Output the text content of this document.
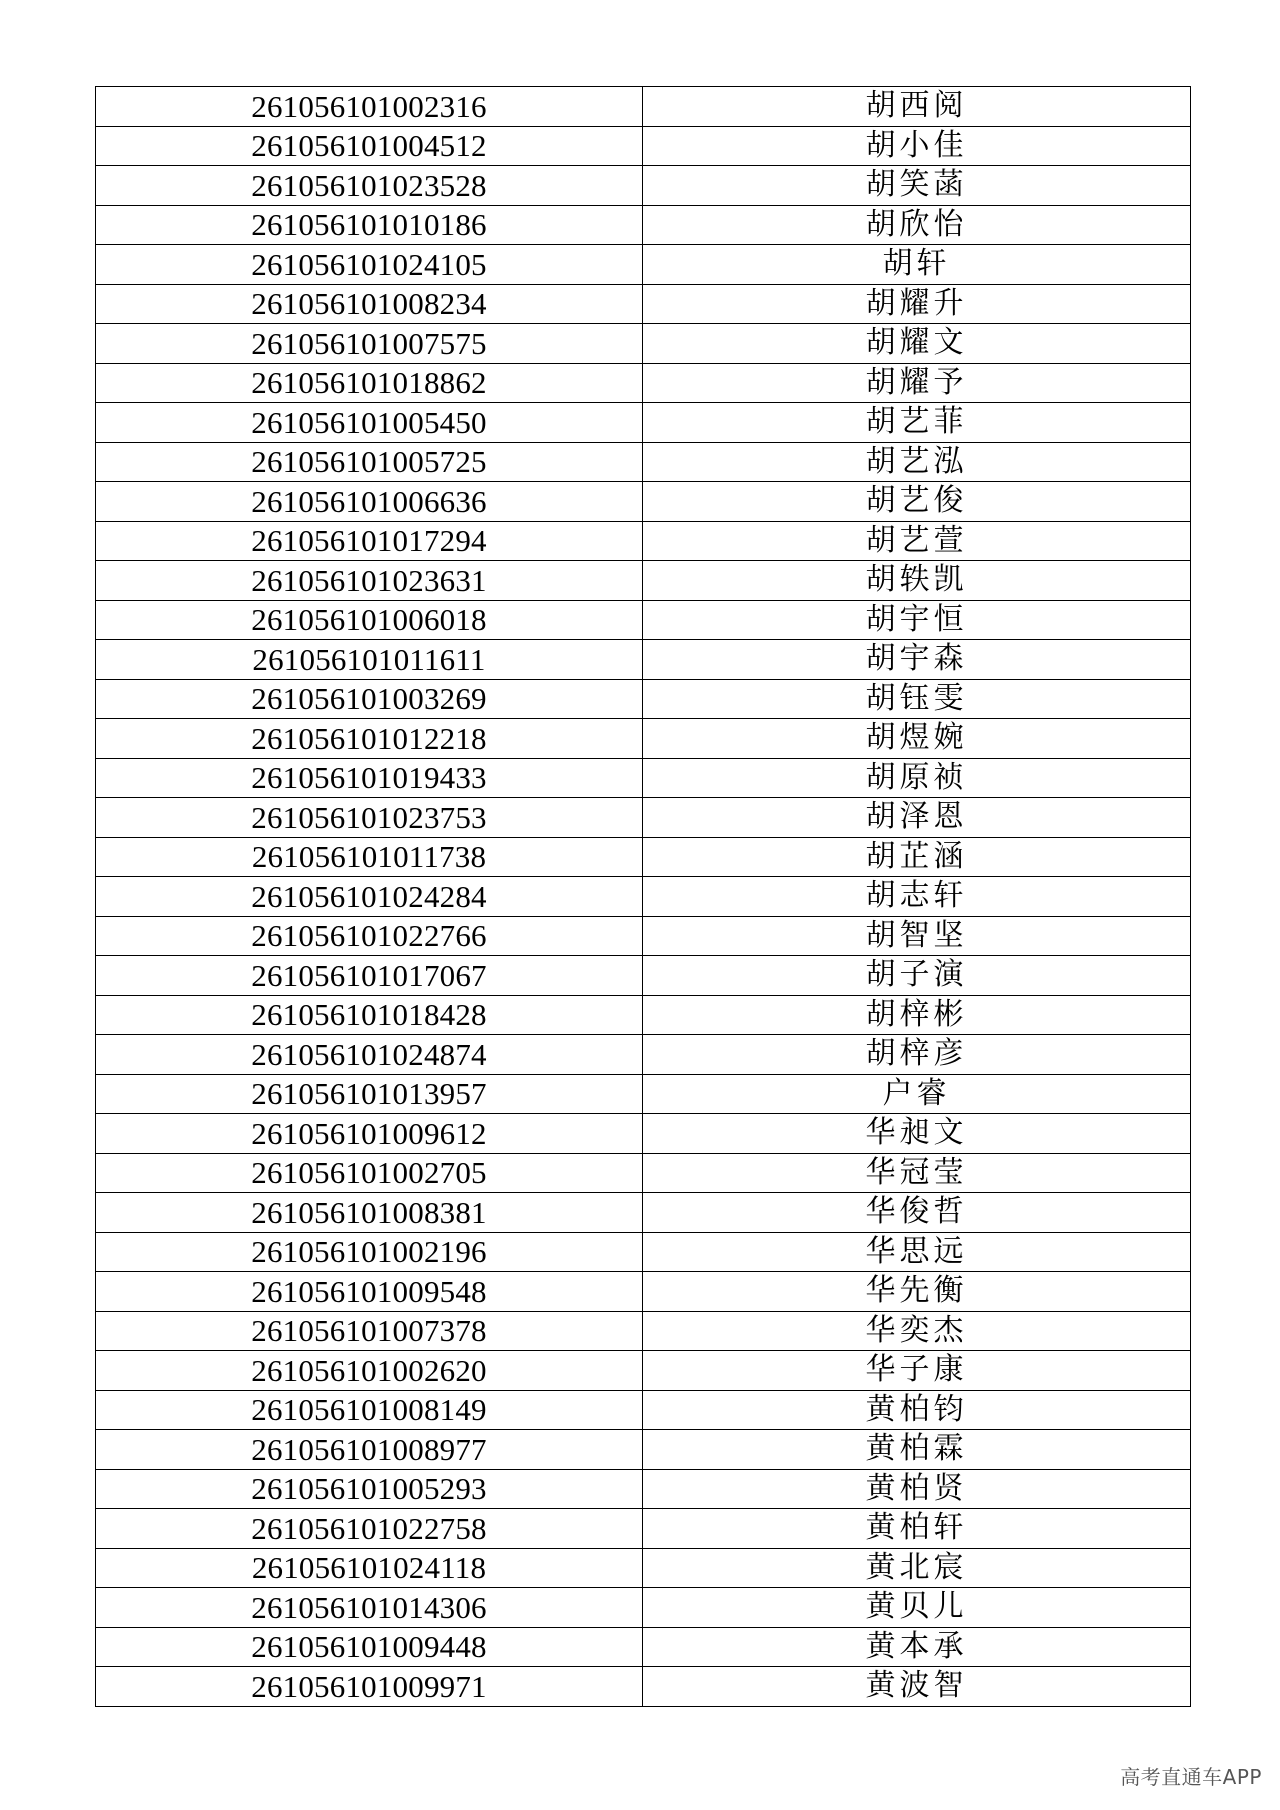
261056101002316	胡西阅
261056101004512	胡小佳
261056101023528	胡笑菡
261056101010186	胡欣怡
261056101024105	胡轩
261056101008234	胡耀升
261056101007575	胡耀文
261056101018862	胡耀予
261056101005450	胡艺菲
261056101005725	胡艺泓
261056101006636	胡艺俊
261056101017294	胡艺萱
261056101023631	胡轶凯
261056101006018	胡宇恒
261056101011611	胡宇森
261056101003269	胡钰雯
261056101012218	胡煜婉
261056101019433	胡原祯
261056101023753	胡泽恩
261056101011738	胡芷涵
261056101024284	胡志轩
261056101022766	胡智坚
261056101017067	胡子演
261056101018428	胡梓彬
261056101024874	胡梓彦
261056101013957	户睿
261056101009612	华昶文
261056101002705	华冠莹
261056101008381	华俊哲
261056101002196	华思远
261056101009548	华先衡
261056101007378	华奕杰
261056101002620	华子康
261056101008149	黄柏钧
261056101008977	黄柏霖
261056101005293	黄柏贤
261056101022758	黄柏轩
261056101024118	黄北宸
261056101014306	黄贝儿
261056101009448	黄本承
261056101009971	黄波智
高考直通车APP
